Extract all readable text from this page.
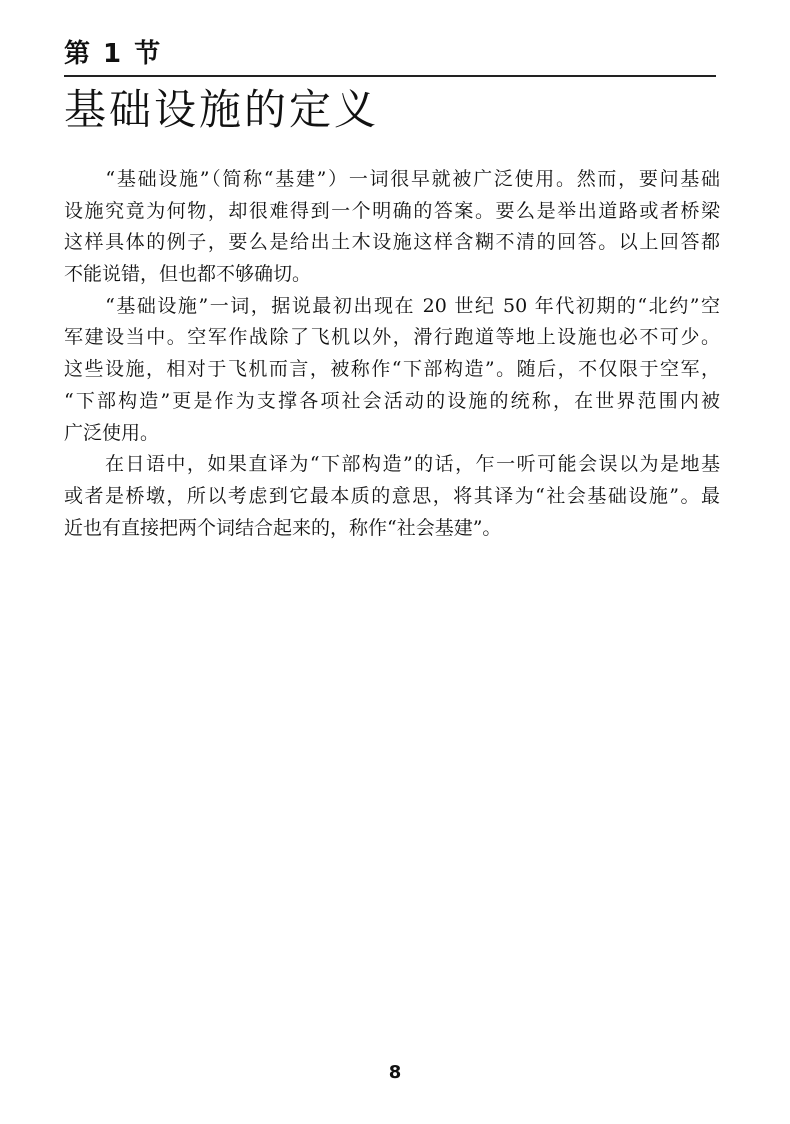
第 1 节
基础设施的定义
　　“基础设施”（简称“基建”）一词很早就被广泛使用。然而，要问基础
设施究竟为何物，却很难得到一个明确的答案。要么是举出道路或者桥梁
这样具体的例子，要么是给出土木设施这样含糊不清的回答。以上回答都
不能说错，但也都不够确切。
　　“基础设施”一词，据说最初出现在 20 世纪 50 年代初期的“北约”空
军建设当中。空军作战除了飞机以外，滑行跑道等地上设施也必不可少。
这些设施，相对于飞机而言，被称作“下部构造”。随后，不仅限于空军，
“下部构造”更是作为支撑各项社会活动的设施的统称，在世界范围内被
广泛使用。
　　在日语中，如果直译为“下部构造”的话，乍一听可能会误以为是地基
或者是桥墩，所以考虑到它最本质的意思，将其译为“社会基础设施”。最
近也有直接把两个词结合起来的，称作“社会基建”。
8
